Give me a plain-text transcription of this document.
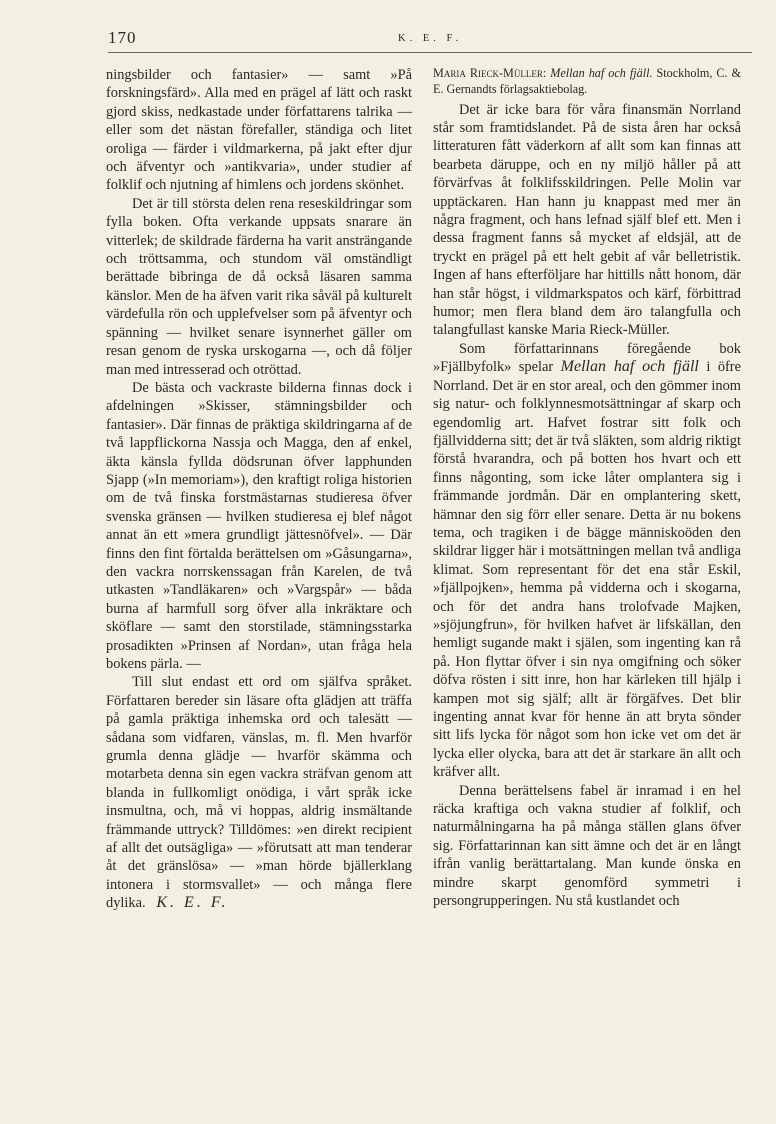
170	K. E. F.

ningsbilder och fantasier» — samt »På forskningsfärd». Alla med en prägel af lätt och raskt gjord skiss, nedkastade under författarens talrika — eller som det nästan förefaller, ständiga och litet oroliga — färder i vildmarkerna, på jakt efter djur och äfventyr och »antikvaria», under studier af folklif och njutning af himlens och jordens skönhet.

Det är till största delen rena reseskildringar som fylla boken. Ofta verkande uppsats snarare än vitterlek; de skildrade färderna ha varit ansträngande och tröttsamma, och stundom väl omständligt berättade bibringa de då också läsaren samma känslor. Men de ha äfven varit rika såväl på kulturelt värdefulla rön och upplefvelser som på äfventyr och spänning — hvilket senare isynnerhet gäller om resan genom de ryska urskogarna —, och då följer man med intresserad och otröttad.

De bästa och vackraste bilderna finnas dock i afdelningen »Skisser, stämningsbilder och fantasier». Där finnas de präktiga skildringarna af de två lappflickorna Nassja och Magga, den af enkel, äkta känsla fyllda dödsrunan öfver lapphunden Sjapp (»In memoriam»), den kraftigt roliga historien om de två finska forstmästarnas studieresa öfver svenska gränsen — hvilken studieresa ej blef något annat än ett »mera grundligt jättesnöfvel». — Där finns den fint förtalda berättelsen om »Gåsungarna», den vackra norrskenssagan från Karelen, de två utkasten »Tandläkaren» och »Vargspår» — båda burna af harmfull sorg öfver alla inkräktare och sköflare — samt den storstilade, stämningsstarka prosadikten »Prinsen af Nordan», utan fråga hela bokens pärla. —

Till slut endast ett ord om själfva språket. Författaren bereder sin läsare ofta glädjen att träffa på gamla präktiga inhemska ord och talesätt — sådana som vidfaren, vänslas, m. fl. Men hvarför grumla denna glädje — hvarför skämma och motarbeta denna sin egen vackra sträfvan genom att blanda in fullkomligt onödiga, i vårt språk icke insmultna, och, må vi hoppas, aldrig insmältande främmande uttryck? Tilldömes: »en direkt recipient af allt det outsägliga» — »förutsatt att man tenderar åt det gränslösa» — »man hörde bjällerklang intonera i stormsvallet» — och många flere dylika. K. E. F.

Maria Rieck-Müller: Mellan haf och fjäll. Stockholm, C. & E. Gernandts förlagsaktiebolag.

Det är icke bara för våra finansmän Norrland står som framtidslandet. På de sista åren har också litteraturen fått väderkorn af allt som kan finnas att bearbeta däruppe, och en ny miljö håller på att förvärfvas åt folklifsskildringen. Pelle Molin var upptäckaren. Han hann ju knappast med mer än några fragment, och hans lefnad själf blef ett. Men i dessa fragment fanns så mycket af eldsjäl, att de tryckt en prägel på ett helt gebit af vår belletristik. Ingen af hans efterföljare har hittills nått honom, där han står högst, i vildmarkspatos och kärf, förbittrad humor; men flera bland dem äro talangfulla och talangfullast kanske Maria Rieck-Müller.

Som författarinnans föregående bok »Fjällbyfolk» spelar Mellan haf och fjäll i öfre Norrland. Det är en stor areal, och den gömmer inom sig natur- och folklynnesmotsättningar af skarp och egendomlig art. Hafvet fostrar sitt folk och fjällvidderna sitt; det är två släkten, som aldrig riktigt förstå hvarandra, och på botten hos hvart och ett finns någonting, som icke låter omplantera sig i främmande jordmån. Där en omplantering skett, hämnar den sig förr eller senare. Detta är nu bokens tema, och tragiken i de bägge människoöden den skildrar ligger här i motsättningen mellan två andliga klimat. Som representant för det ena står Eskil, »fjällpojken», hemma på vidderna och i skogarna, och för det andra hans trolofvade Majken, »sjöjungfrun», för hvilken hafvet är lifskällan, den hemligt sugande makt i själen, som ingenting kan rå på. Hon flyttar öfver i sin nya omgifning och söker döfva rösten i sitt inre, hon har kärleken till hjälp i kampen mot sig själf; allt är förgäfves. Det blir ingenting annat kvar för henne än att bryta sönder sitt lifs lycka för något som hon icke vet om det är lycka eller olycka, bara att det är starkare än allt och kräfver allt.

Denna berättelsens fabel är inramad i en hel räcka kraftiga och vakna studier af folklif, och naturmålningarna ha på många ställen glans öfver sig. Författarinnan kan sitt ämne och det är en långt ifrån vanlig berättartalang. Man kunde önska en mindre skarpt genomförd symmetri i persongrupperingen. Nu stå kustlandet och
